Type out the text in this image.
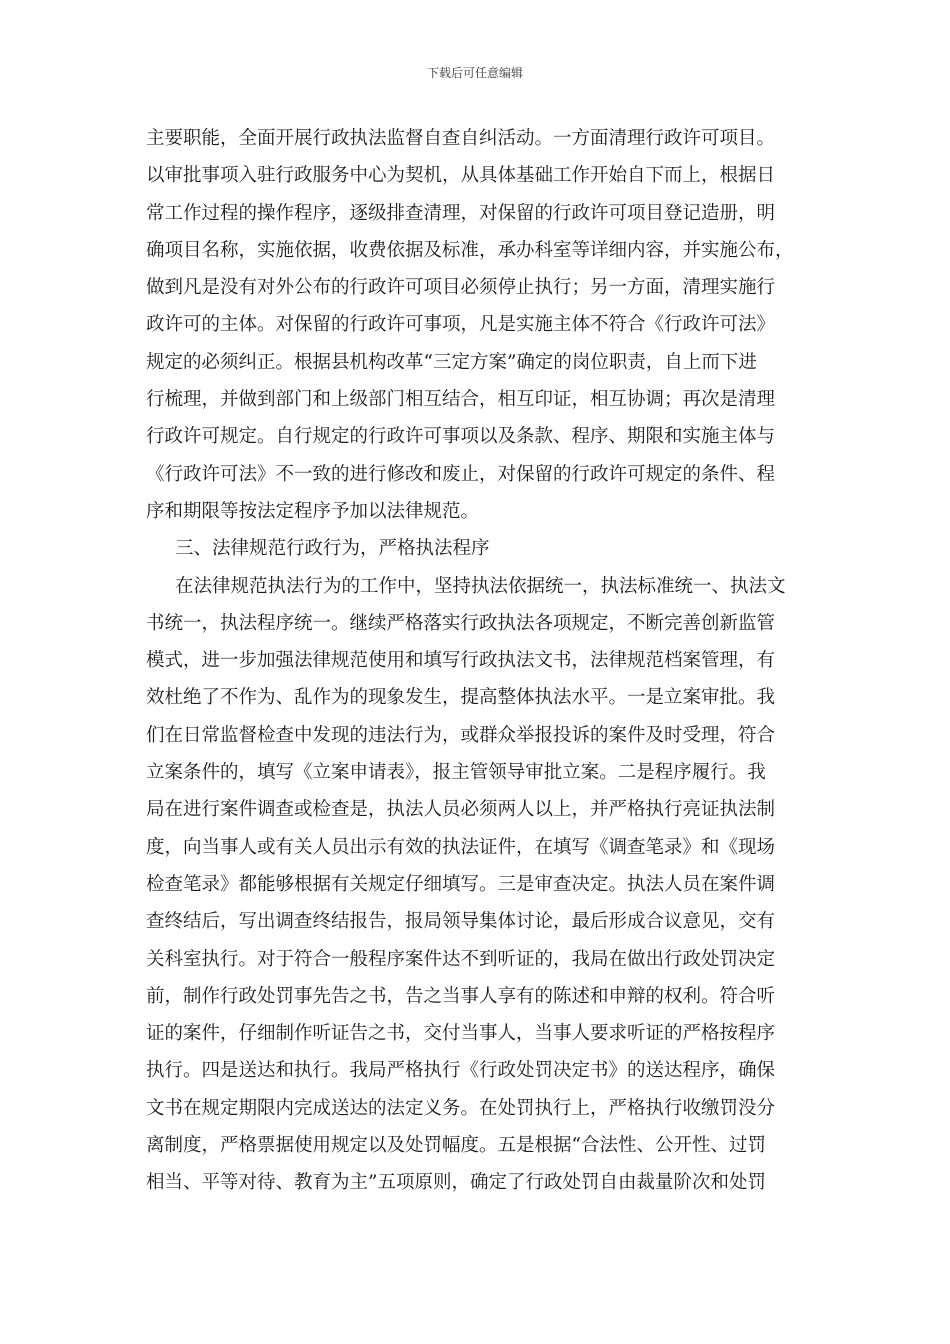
下载后可任意编辑
主要职能，全面开展行政执法监督自查自纠活动。一方面清理行政许可项目。
以审批事项入驻行政服务中心为契机，从具体基础工作开始自下而上，根据日
常工作过程的操作程序，逐级排查清理，对保留的行政许可项目登记造册，明
确项目名称，实施依据，收费依据及标准，承办科室等详细内容，并实施公布，
做到凡是没有对外公布的行政许可项目必须停止执行；另一方面，清理实施行
政许可的主体。对保留的行政许可事项，凡是实施主体不符合《行政许可法》
规定的必须纠正。根据县机构改革“三定方案”确定的岗位职责，自上而下进
行梳理，并做到部门和上级部门相互结合，相互印证，相互协调；再次是清理
行政许可规定。自行规定的行政许可事项以及条款、程序、期限和实施主体与
《行政许可法》不一致的进行修改和废止，对保留的行政许可规定的条件、程
序和期限等按法定程序予加以法律规范。
三、法律规范行政行为，严格执法程序
在法律规范执法行为的工作中，坚持执法依据统一，执法标准统一、执法文
书统一，执法程序统一。继续严格落实行政执法各项规定，不断完善创新监管
模式，进一步加强法律规范使用和填写行政执法文书，法律规范档案管理，有
效杜绝了不作为、乱作为的现象发生，提高整体执法水平。一是立案审批。我
们在日常监督检查中发现的违法行为，或群众举报投诉的案件及时受理，符合
立案条件的，填写《立案申请表》，报主管领导审批立案。二是程序履行。我
局在进行案件调查或检查是，执法人员必须两人以上，并严格执行亮证执法制
度，向当事人或有关人员出示有效的执法证件，在填写《调查笔录》和《现场
检查笔录》都能够根据有关规定仔细填写。三是审查决定。执法人员在案件调
查终结后，写出调查终结报告，报局领导集体讨论，最后形成合议意见，交有
关科室执行。对于符合一般程序案件达不到听证的，我局在做出行政处罚决定
前，制作行政处罚事先告之书，告之当事人享有的陈述和申辩的权利。符合听
证的案件，仔细制作听证告之书，交付当事人，当事人要求听证的严格按程序
执行。四是送达和执行。我局严格执行《行政处罚决定书》的送达程序，确保
文书在规定期限内完成送达的法定义务。在处罚执行上，严格执行收缴罚没分
离制度，严格票据使用规定以及处罚幅度。五是根据“合法性、公开性、过罚
相当、平等对待、教育为主”五项原则，确定了行政处罚自由裁量阶次和处罚
